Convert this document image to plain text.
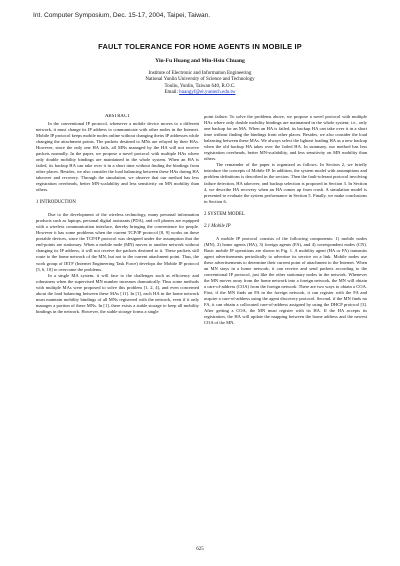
Int. Computer Symposium, Dec. 15-17, 2004, Taipei, Taiwan.
FAULT TOLERANCE FOR HOME AGENTS IN MOBILE IP
Yin-Fu Huang and Min-Hsiu Chuang
Institute of Electronic and Information Engineering
National Yunlin University of Science and Technology
Touliu, Yunlin, Taiwan 640, R.O.C.
Email: huangyf@el.yuntech.edu.tw
ABSTRACT

In the conventional IP protocol, whenever a mobile device moves to a different network, it must change its IP address to communicate with other nodes in the Internet. Mobile IP protocol keeps mobile nodes online without changing theirs IP addresses while changing the attachment points. The packets destined to MNs are relayed by their HAs. However, since the only one HA fails, all MNs managed by the HA will not receive packets normally. In the paper, we propose a novel protocol with multiple HAs where only double mobility bindings are maintained in the whole system. When an HA is failed, its backup HA can take over it in a short time without finding the bindings from other places. Besides, we also consider the load balancing between these HAs during HA takeover and recovery. Through the simulation, we observe that our method has less registration overheads, better MN-scalability and less sensitivity on MN mobility than others.

1 INTRODUCTION

Due to the development of the wireless technology, many personal information products such as laptops, personal digital assistants (PDA), and cell phones are equipped with a wireless communication interface, thereby bringing the convenience for people. However it has some problems when the current TCP/IP protocol [8, 9] works on these portable devices, since the TCP/IP protocol was designed under the assumption that the end-points are stationary. When a mobile node (MN) moves to another network without changing its IP address, it will not receive the packets destined to it. These packets still route to the home network of the MN, but not to the current attachment point. Thus, the work group of IETF (Internet Engineering Task Force) develops the Mobile IP protocol [5, 6, 10] to overcome the problems.

In a single MA system, it will face to the challenges such as efficiency and robustness when the supervised MN number increases dramatically. Thus some methods with multiple MAs were proposed to solve this problem [1, 2, 4], and even concerned about the load balancing between these MAs [11]. In [1], each HA in the home network must maintain mobility bindings of all MNs registered with the network, even if it only manages a portion of these MNs. In [1], there exists a stable storage to keep all mobility bindings in the network. However, the stable storage forms a single

point failure. To solve the problems above, we propose a novel protocol with multiple HAs where only double mobility bindings are maintained in the whole system; i.e., only one backup for an MA. When an HA is failed, its backup HA can take over it in a short time without finding the bindings from other places. Besides, we also consider the load balancing between these MAs. We always select the lightest loading HA as a new backup when the old backup HA takes over the failed HA. In summary, our method has less registration overheads, better MN-scalability, and less sensitivity on MN mobility than others.

The remainder of the paper is organized as follows. In Section 2, we briefly introduce the concepts of Mobile IP. In addition, the system model with assumptions and problem definitions is described in the section. Then the fault-tolerant protocol involving failure detection, HA takeover, and backup selection is proposed in Section 3. In Section 4, we describe HA recovery when an HA comes up from crash. A simulation model is presented to evaluate the system performance in Section 5. Finally, we make conclusions in Section 6.

2 SYSTEM MODEL
2.1 Mobile IP

A mobile IP protocol consists of the following components: 1) mobile nodes (MN), 2) home agents (HA), 3) foreign agents (FA), and 4) correspondent nodes (CN). Basic mobile IP operations are shown in Fig. 1. A mobility agent (HA or FA) transmits agent advertisements periodically to advertise its service on a link. Mobile nodes use these advertisements to determine their current point of attachment to the Internet. When an MN stays in a home network, it can receive and send packets according to the conventional IP protocol, just like the other stationary nodes in the network. Whenever the MN moves away from the home network into a foreign network, the MN will obtain a care-of-address (COA) from the foreign network. There are two ways to obtain a COA. First, if the MN finds an FA in the foreign network, it can register with the FA and acquire a care-of-address using the agent discovery protocol. Second, if the MN finds no FA, it can obtain a collocated care-of-address assigned by using the DHCP protocol [3]. After getting a COA, the MN must register with its HA. If the HA accepts its registration, the HA will update the mapping between the home address and the newest COA of the MN,

625
